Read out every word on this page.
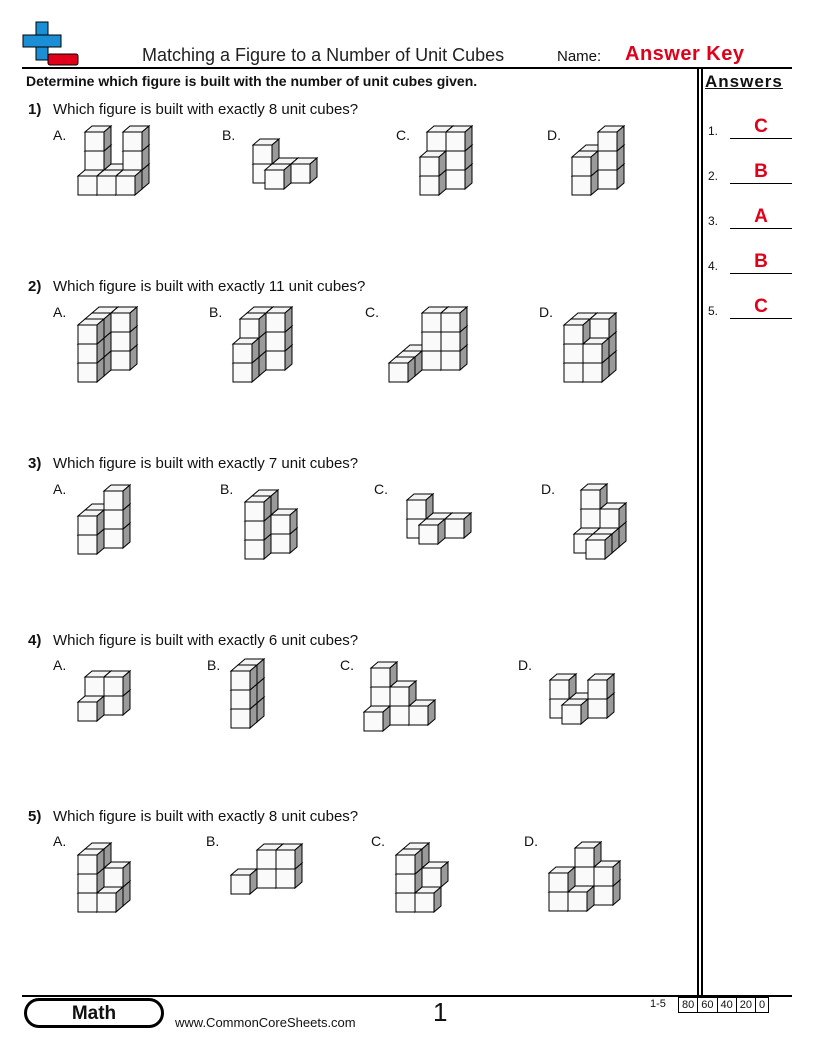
Matching a Figure to a Number of Unit Cubes	Name: Answer Key
Determine which figure is built with the number of unit cubes given.	Answers
1.	C
2.	B
3.	A
4.	B
5.	C
1) Which figure is built with exactly 8 unit cubes?
A.	B.	C.	D.
2) Which figure is built with exactly 11 unit cubes?
A.	B.	C.	D.
3) Which figure is built with exactly 7 unit cubes?
A.	B.	C.	D.
4) Which figure is built with exactly 6 unit cubes?
A.	B.	C.	D.
5) Which figure is built with exactly 8 unit cubes?
A.	B.	C.	D.
Math	www.CommonCoreSheets.com	1	1-5 80	60	40	20	0
